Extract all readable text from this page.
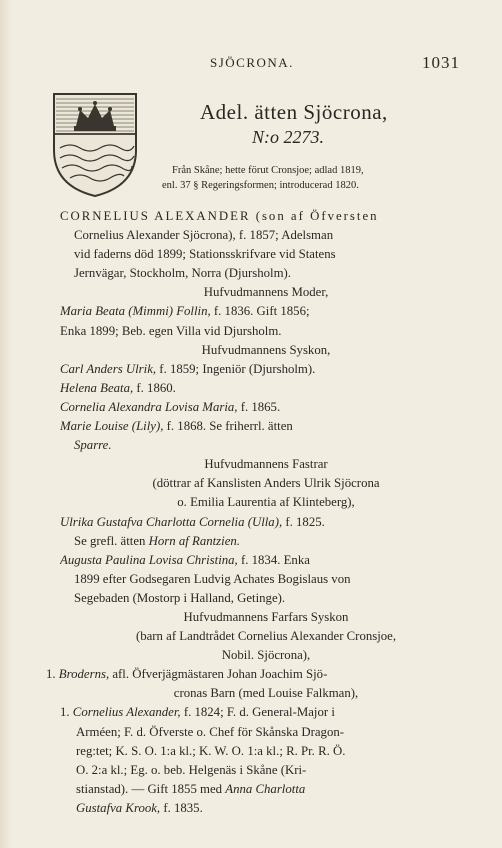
SJÖCRONA.	1031
Adel. ätten Sjöcrona,
N:o 2273.
Från Skåne; hette förut Cronsjoe; adlad 1819,
enl. 37 § Regeringsformen; introducerad 1820.
CORNELIUS ALEXANDER (son af Öfversten
Cornelius Alexander Sjöcrona), f. 1857; Adelsman
vid faderns död 1899; Stationsskrifvare vid Statens
Jernvägar, Stockholm, Norra (Djursholm).
Hufvudmannens Moder,
Maria Beata (Mimmi) Follin, f. 1836. Gift 1856;
Enka 1899; Beb. egen Villa vid Djursholm.
Hufvudmannens Syskon,
Carl Anders Ulrik, f. 1859; Ingeniör (Djursholm).
Helena Beata, f. 1860.
Cornelia Alexandra Lovisa Maria, f. 1865.
Marie Louise (Lily), f. 1868. Se friherrl. ätten
Sparre.
Hufvudmannens Fastrar
(döttrar af Kanslisten Anders Ulrik Sjöcrona
o. Emilia Laurentia af Klinteberg),
Ulrika Gustafva Charlotta Cornelia (Ulla), f. 1825.
Se grefl. ätten Horn af Rantzien.
Augusta Paulina Lovisa Christina, f. 1834. Enka
1899 efter Godsegaren Ludvig Achates Bogislaus von
Segebaden (Mostorp i Halland, Getinge).
Hufvudmannens Farfars Syskon
(barn af Landtrådet Cornelius Alexander Cronsjoe,
Nobil. Sjöcrona),
1. Broderns, afl. Öfverjägmästaren Johan Joachim Sjö-
cronas Barn (med Louise Falkman),
1. Cornelius Alexander, f. 1824; F. d. General-Major i
Arméen; F. d. Öfverste o. Chef för Skånska Dragon-
reg:tet; K. S. O. 1:a kl.; K. W. O. 1:a kl.; R. Pr. R. Ö.
O. 2:a kl.; Eg. o. beb. Helgenäs i Skåne (Kri-
stianstad). — Gift 1855 med Anna Charlotta
Gustafva Krook, f. 1835.
